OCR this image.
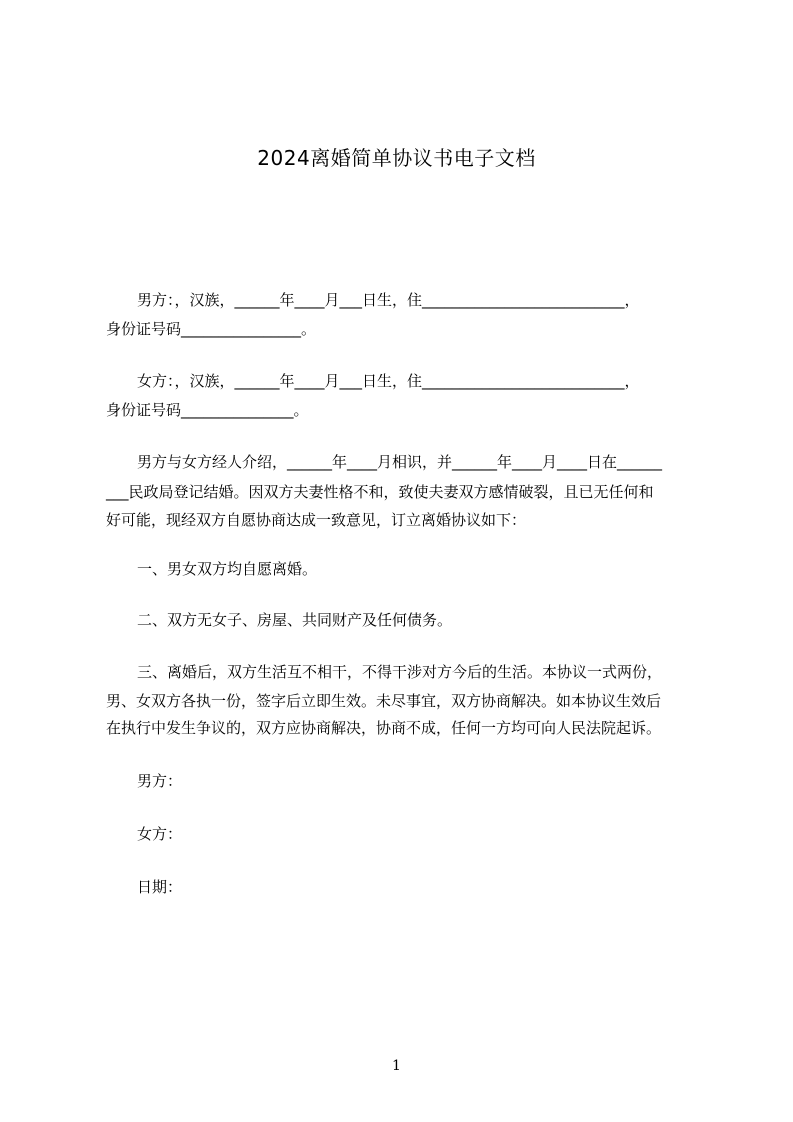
2024离婚简单协议书电子文档
男方：，汉族，______年____月___日生，住___________________________，
身份证号码________________。
女方：，汉族，______年____月___日生，住___________________________，
身份证号码_______________。
男方与女方经人介绍，______年____月相识，并______年____月____日在______
___民政局登记结婚。因双方夫妻性格不和，致使夫妻双方感情破裂，且已无任何和
好可能，现经双方自愿协商达成一致意见，订立离婚协议如下：
一、男女双方均自愿离婚。
二、双方无女子、房屋、共同财产及任何债务。
三、离婚后，双方生活互不相干，不得干涉对方今后的生活。本协议一式两份，
男、女双方各执一份，签字后立即生效。未尽事宜，双方协商解决。如本协议生效后
在执行中发生争议的，双方应协商解决，协商不成，任何一方均可向人民法院起诉。
男方：
女方：
日期：
1
